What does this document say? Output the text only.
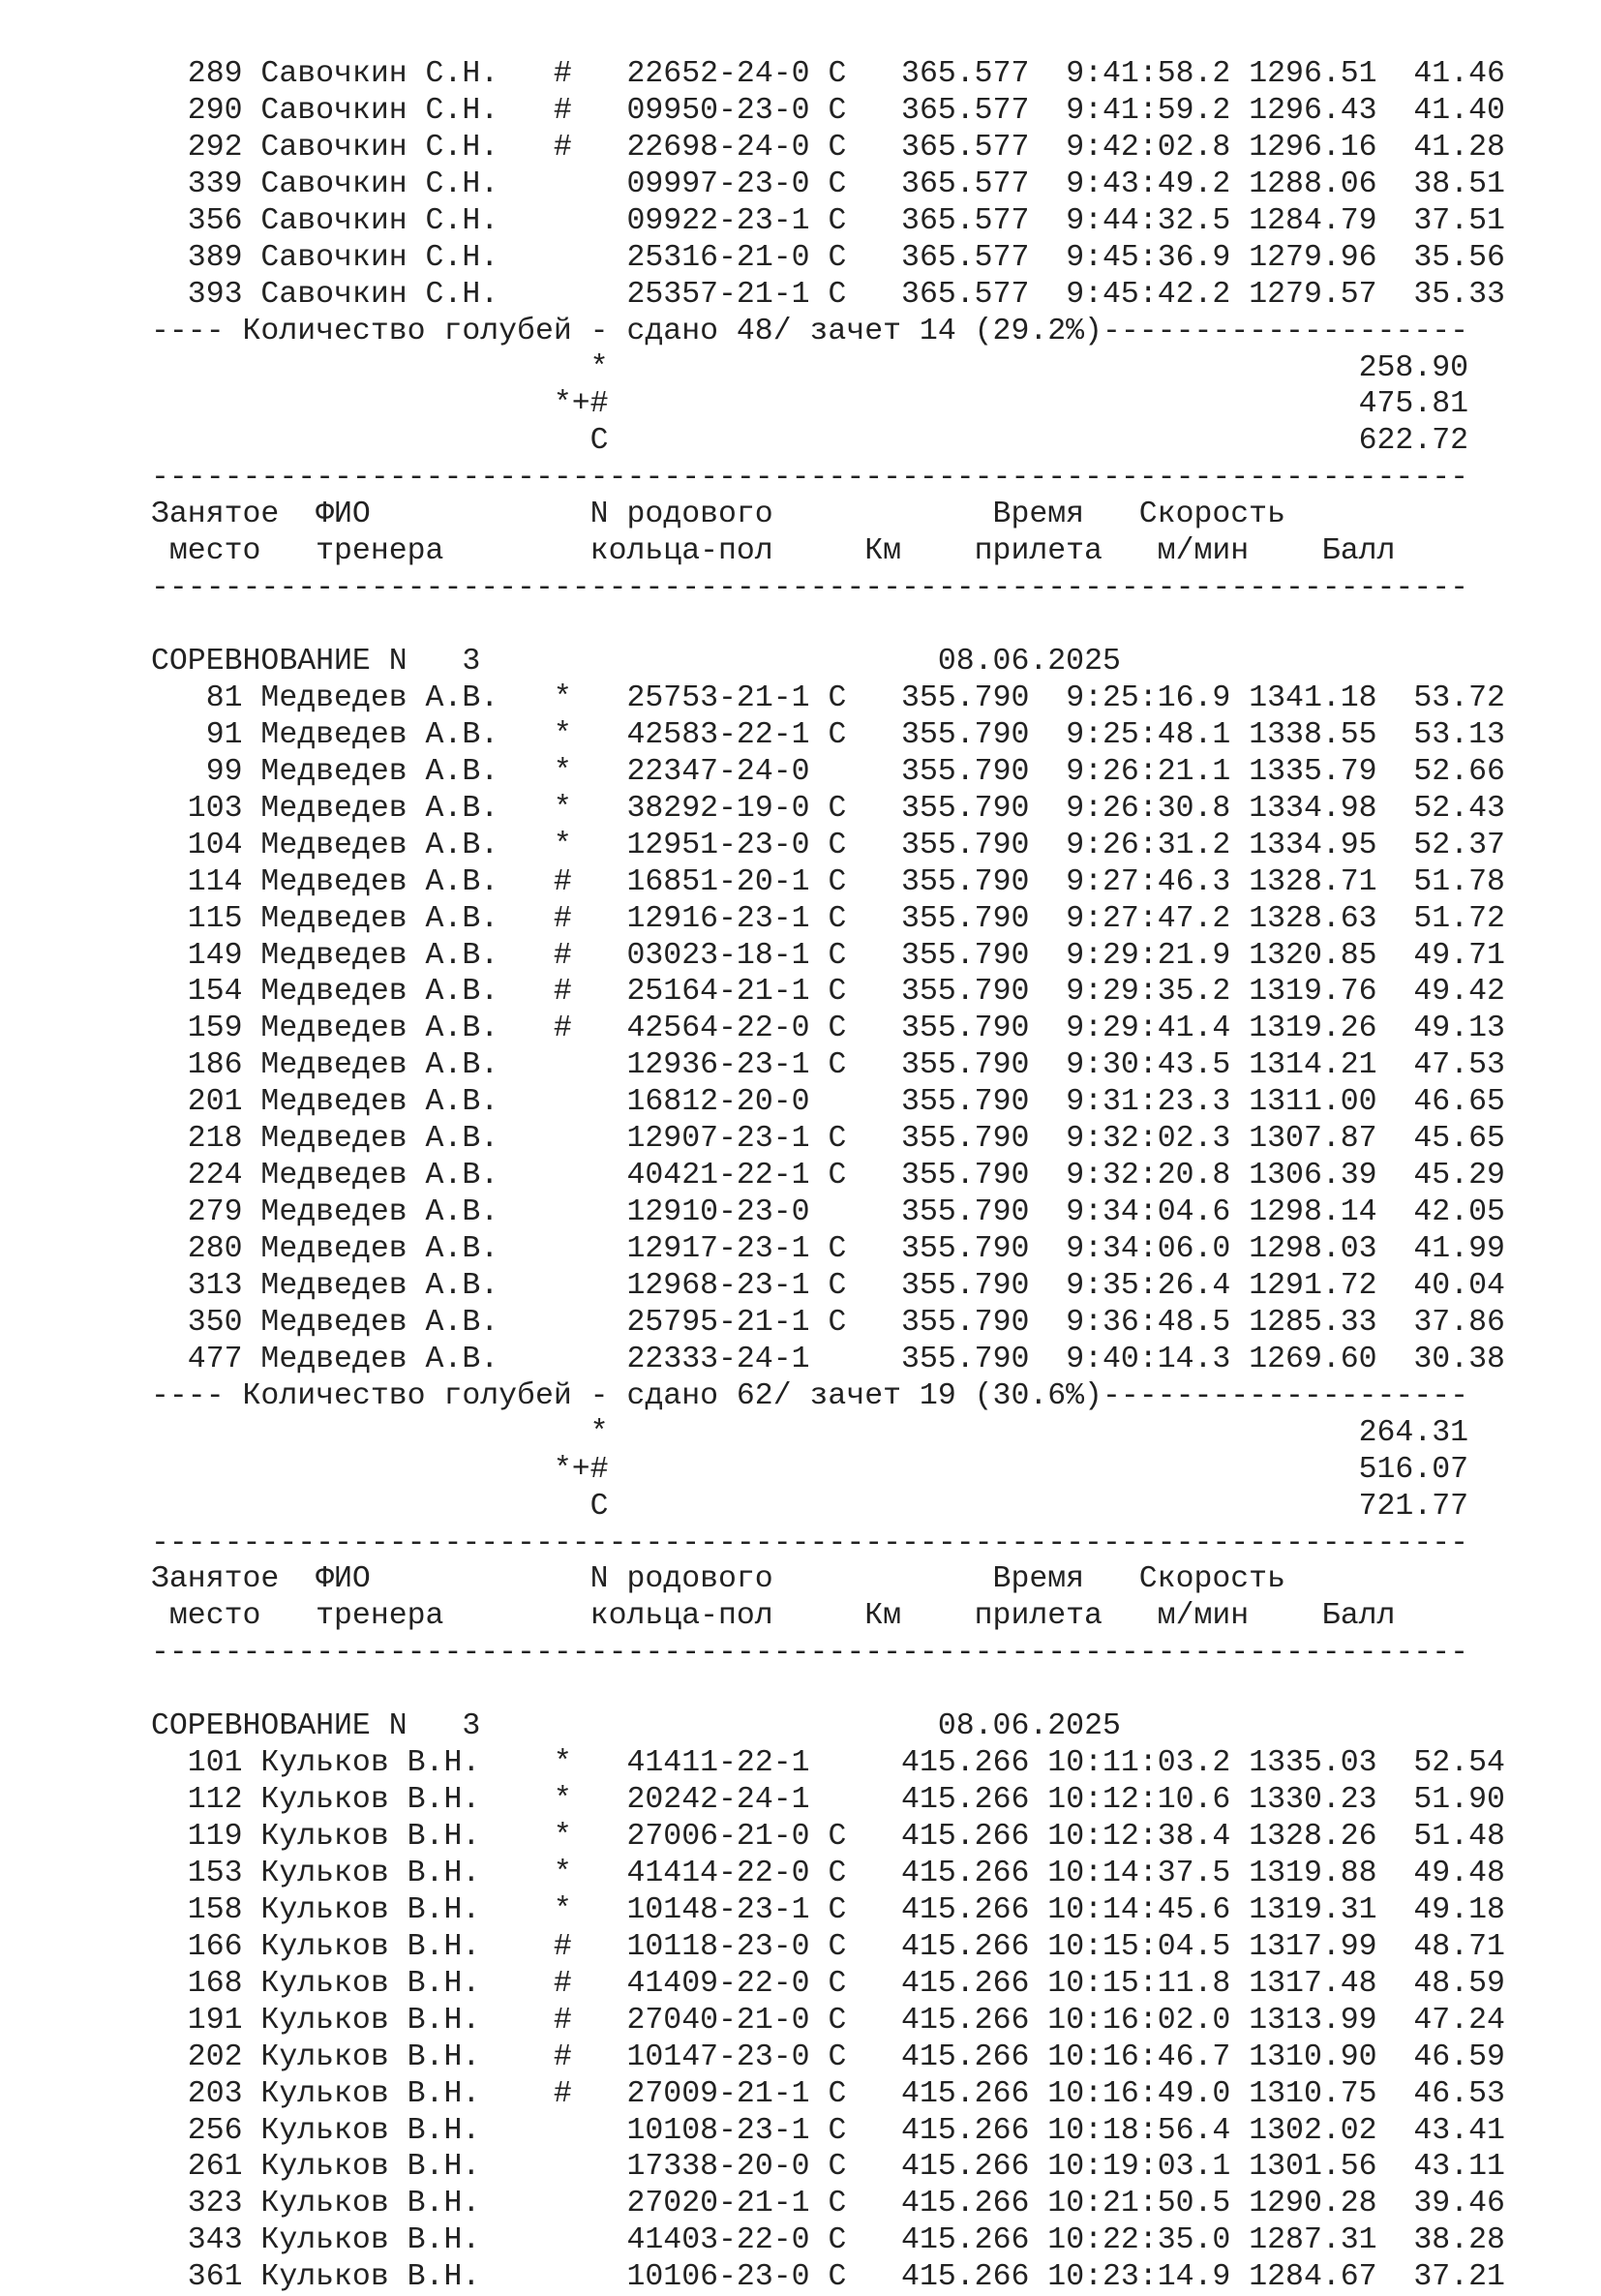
289 Савочкин С.Н.   #   22652-24-0 С   365.577  9:41:58.2 1296.51  41.46
290 Савочкин С.Н.   #   09950-23-0 С   365.577  9:41:59.2 1296.43  41.40
292 Савочкин С.Н.   #   22698-24-0 С   365.577  9:42:02.8 1296.16  41.28
339 Савочкин С.Н.       09997-23-0 С   365.577  9:43:49.2 1288.06  38.51
356 Савочкин С.Н.       09922-23-1 С   365.577  9:44:32.5 1284.79  37.51
389 Савочкин С.Н.       25316-21-0 С   365.577  9:45:36.9 1279.96  35.56
393 Савочкин С.Н.       25357-21-1 С   365.577  9:45:42.2 1279.57  35.33
---- Количество голубей - сдано 48/ зачет 14 (29.2%)--------------------
*                                         258.90
*+#                                         475.81
С                                         622.72
------------------------------------------------------------------------
Занятое  ФИО            N родового            Время   Скорость
место   тренера        кольца-пол     Км    прилета   м/мин    Балл
------------------------------------------------------------------------

СОРЕВНОВАНИЕ N   3                         08.06.2025
81 Медведев А.В.   *   25753-21-1 С   355.790  9:25:16.9 1341.18  53.72
91 Медведев А.В.   *   42583-22-1 С   355.790  9:25:48.1 1338.55  53.13
99 Медведев А.В.   *   22347-24-0     355.790  9:26:21.1 1335.79  52.66
103 Медведев А.В.   *   38292-19-0 С   355.790  9:26:30.8 1334.98  52.43
104 Медведев А.В.   *   12951-23-0 С   355.790  9:26:31.2 1334.95  52.37
114 Медведев А.В.   #   16851-20-1 С   355.790  9:27:46.3 1328.71  51.78
115 Медведев А.В.   #   12916-23-1 С   355.790  9:27:47.2 1328.63  51.72
149 Медведев А.В.   #   03023-18-1 С   355.790  9:29:21.9 1320.85  49.71
154 Медведев А.В.   #   25164-21-1 С   355.790  9:29:35.2 1319.76  49.42
159 Медведев А.В.   #   42564-22-0 С   355.790  9:29:41.4 1319.26  49.13
186 Медведев А.В.       12936-23-1 С   355.790  9:30:43.5 1314.21  47.53
201 Медведев А.В.       16812-20-0     355.790  9:31:23.3 1311.00  46.65
218 Медведев А.В.       12907-23-1 С   355.790  9:32:02.3 1307.87  45.65
224 Медведев А.В.       40421-22-1 С   355.790  9:32:20.8 1306.39  45.29
279 Медведев А.В.       12910-23-0     355.790  9:34:04.6 1298.14  42.05
280 Медведев А.В.       12917-23-1 С   355.790  9:34:06.0 1298.03  41.99
313 Медведев А.В.       12968-23-1 С   355.790  9:35:26.4 1291.72  40.04
350 Медведев А.В.       25795-21-1 С   355.790  9:36:48.5 1285.33  37.86
477 Медведев А.В.       22333-24-1     355.790  9:40:14.3 1269.60  30.38
---- Количество голубей - сдано 62/ зачет 19 (30.6%)--------------------
*                                         264.31
*+#                                         516.07
С                                         721.77
------------------------------------------------------------------------
Занятое  ФИО            N родового            Время   Скорость
место   тренера        кольца-пол     Км    прилета   м/мин    Балл
------------------------------------------------------------------------

СОРЕВНОВАНИЕ N   3                         08.06.2025
101 Кульков В.Н.    *   41411-22-1     415.266 10:11:03.2 1335.03  52.54
112 Кульков В.Н.    *   20242-24-1     415.266 10:12:10.6 1330.23  51.90
119 Кульков В.Н.    *   27006-21-0 С   415.266 10:12:38.4 1328.26  51.48
153 Кульков В.Н.    *   41414-22-0 С   415.266 10:14:37.5 1319.88  49.48
158 Кульков В.Н.    *   10148-23-1 С   415.266 10:14:45.6 1319.31  49.18
166 Кульков В.Н.    #   10118-23-0 С   415.266 10:15:04.5 1317.99  48.71
168 Кульков В.Н.    #   41409-22-0 С   415.266 10:15:11.8 1317.48  48.59
191 Кульков В.Н.    #   27040-21-0 С   415.266 10:16:02.0 1313.99  47.24
202 Кульков В.Н.    #   10147-23-0 С   415.266 10:16:46.7 1310.90  46.59
203 Кульков В.Н.    #   27009-21-1 С   415.266 10:16:49.0 1310.75  46.53
256 Кульков В.Н.        10108-23-1 С   415.266 10:18:56.4 1302.02  43.41
261 Кульков В.Н.        17338-20-0 С   415.266 10:19:03.1 1301.56  43.11
323 Кульков В.Н.        27020-21-1 С   415.266 10:21:50.5 1290.28  39.46
343 Кульков В.Н.        41403-22-0 С   415.266 10:22:35.0 1287.31  38.28
361 Кульков В.Н.        10106-23-0 С   415.266 10:23:14.9 1284.67  37.21
